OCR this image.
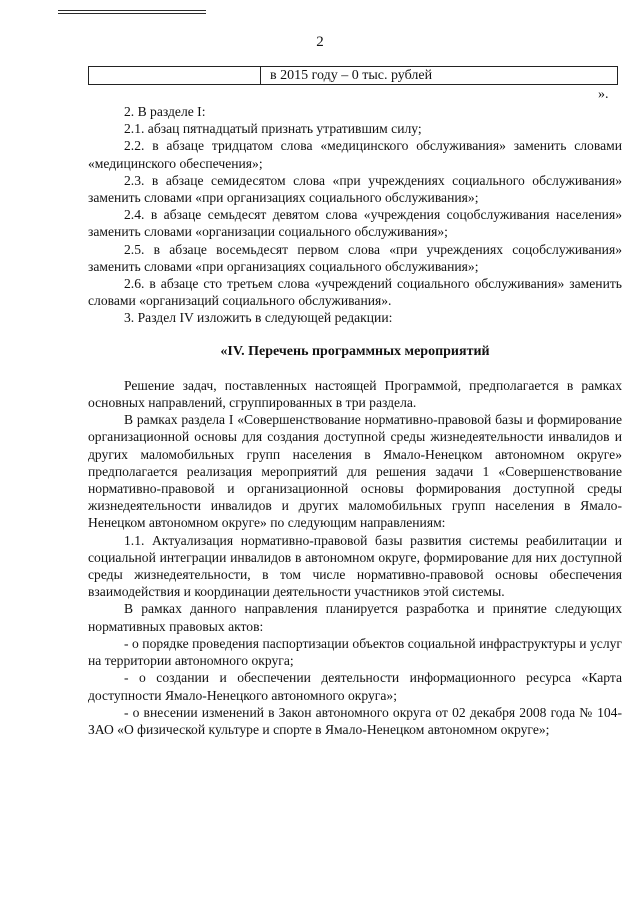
2
в 2015 году – 0 тыс. рублей
».

2. В разделе I:

2.1. абзац пятнадцатый признать утратившим силу;

2.2. в абзаце тридцатом слова «медицинского обслуживания» заменить словами «медицинского обеспечения»;

2.3. в абзаце семидесятом слова «при учреждениях социального обслуживания» заменить словами «при организациях социального обслуживания»;

2.4. в абзаце семьдесят девятом слова «учреждения соцобслуживания населения» заменить словами «организации социального обслуживания»;

2.5. в абзаце восемьдесят первом слова «при учреждениях соцобслуживания» заменить словами «при организациях социального обслуживания»;

2.6. в абзаце сто третьем слова «учреждений социального обслуживания» заменить словами «организаций социального обслуживания».

3. Раздел IV изложить в следующей редакции:

«IV. Перечень программных мероприятий

Решение задач, поставленных настоящей Программой, предполагается в рамках основных направлений, сгруппированных в три раздела.

В рамках раздела I «Совершенствование нормативно-правовой базы и формирование организационной основы для создания доступной среды жизнедеятельности инвалидов и других маломобильных групп населения в Ямало-Ненецком автономном округе» предполагается реализация мероприятий для решения задачи 1 «Совершенствование нормативно-правовой и организационной основы формирования доступной среды жизнедеятельности инвалидов и других маломобильных групп населения в Ямало-Ненецком автономном округе» по следующим направлениям:

1.1. Актуализация нормативно-правовой базы развития системы реабилитации и социальной интеграции инвалидов в автономном округе, формирование для них доступной среды жизнедеятельности, в том числе нормативно-правовой основы обеспечения взаимодействия и координации деятельности участников этой системы.

В рамках данного направления планируется разработка и принятие следующих нормативных правовых актов:

- о порядке проведения паспортизации объектов социальной инфраструктуры и услуг на территории автономного округа;

- о создании и обеспечении деятельности информационного ресурса «Карта доступности Ямало-Ненецкого автономного округа»;

- о внесении изменений в Закон автономного округа от 02 декабря 2008 года № 104-ЗАО «О физической культуре и спорте в Ямало-Ненецком автономном округе»;
